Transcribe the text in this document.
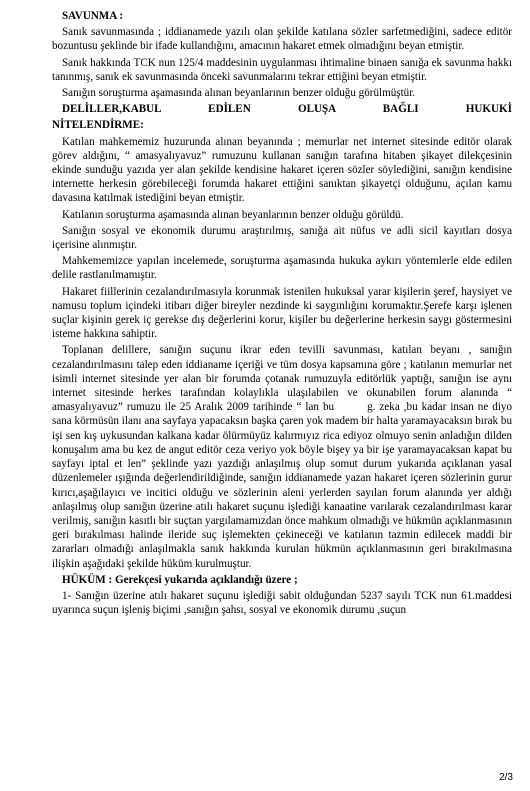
SAVUNMA :

Sanık savunmasında ; iddianamede yazılı olan şekilde katılana sözler sarfetmediğini, sadece editör bozuntusu şeklinde bir ifade kullandığını, amacının hakaret etmek olmadığını beyan etmiştir.

Sanık hakkında TCK nun 125/4 maddesinin uygulanması ihtimaline binaen sanığa ek savunma hakkı tanınmış, sanık ek savunmasında önceki savunmalarını tekrar ettiğini beyan etmiştir.

Sanığın soruşturma aşamasında alınan beyanlarının benzer olduğu görülmüştür.

DELİLLER,KABUL EDİLEN OLUŞA BAĞLI HUKUKİ

NİTELENDİRME:

Katılan mahkememiz huzurunda alınan beyanında ; memurlar net internet sitesinde editör olarak görev aldığını, “ amasyalıyavuz” rumuzunu kullanan sanığın tarafına hitaben şikayet dilekçesinin ekinde sunduğu yazıda yer alan şekilde kendisine hakaret içeren sözler söylediğini, sanığın kendisine internette herkesin görebileceği forumda hakaret ettiğini sanıktan şikayetçi olduğunu, açılan kamu davasına katılmak istediğini beyan etmiştir.

Katılanın soruşturma aşamasında alınan beyanlarının benzer olduğu görüldü.

Sanığın sosyal ve ekonomik durumu araştırılmış, sanığa ait nüfus ve adli sicil kayıtları dosya içerisine alınmıştır.

Mahkememizce yapılan incelemede, soruşturma aşamasında hukuka aykırı yöntemlerle elde edilen delile rastlanılmamıştır.

Hakaret fiillerinin cezalandırılmasıyla korunmak istenilen hukuksal yarar kişilerin şeref, haysiyet ve namusu toplum içindeki itibarı diğer bireyler nezdinde ki saygınlığını korumaktır.Şerefe karşı işlenen suçlar kişinin gerek iç gerekse dış değerlerini korur, kişiler bu değerlerine herkesin saygı göstermesini isteme hakkına sahiptir.

Toplanan delillere, sanığın suçunu ikrar eden tevilli savunması, katılan beyanı , sanığın cezalandırılmasını talep eden iddianame içeriği ve tüm dosya kapsamına göre ; katılanın memurlar net isimli internet sitesinde yer alan bir forumda çotanak rumuzuyla editörlük yaptığı, sanığın ise aynı internet sitesinde herkes tarafından kolaylıkla ulaşılabilen ve okunabilen forum alanında “ amasyalıyavuz” rumuzu ile 25 Aralık 2009 tarihinde “ lan bu	g. zeka ,bu kadar insan ne diyo sana körmüsün ilanı ana sayfaya yapacaksın başka çaren yok madem bir halta yaramayacaksın bırak bu işi sen kış uykusundan kalkana kadar ölürmüyüz kalırmıyız rica ediyoz olmuyo senin anladığın dilden konuşalım ama bu kez de angut editör ceza veriyo yok böyle bişey ya bir işe yaramayacaksan kapat bu sayfayı iptal et len” şeklinde yazı yazdığı anlaşılmış olup somut durum yukarıda açıklanan yasal düzenlemeler ışığında değerlendirildiğinde, sanığın iddianamede yazan hakaret içeren sözlerinin gurur kırıcı,aşağılayıcı ve incitici olduğu ve sözlerinin aleni yerlerden sayılan forum alanında yer aldığı anlaşılmış olup sanığın üzerine atılı hakaret suçunu işlediği kanaatine varılarak cezalandırılması karar verilmiş, sanığın kasıtlı bir suçtan yargılamamızdan önce mahkum olmadığı ve hükmün açıklanmasının geri bırakılması halinde ileride suç işlemekten çekineceği ve katılanın tazmin edilecek maddi bir zararları olmadığı anlaşılmakla sanık hakkında kurulan hükmün açıklanmasının geri bırakılmasına ilişkin aşağıdaki şekilde hüküm kurulmuştur.

HÜKÜM : Gerekçesi yukarıda açıklandığı üzere ;

1- Sanığın üzerine atılı hakaret suçunu işlediği sabit olduğundan 5237 sayılı TCK nun 61.maddesi uyarınca suçun işleniş biçimi ,sanığın şahsı, sosyal ve ekonomik durumu ,suçun

2/3
